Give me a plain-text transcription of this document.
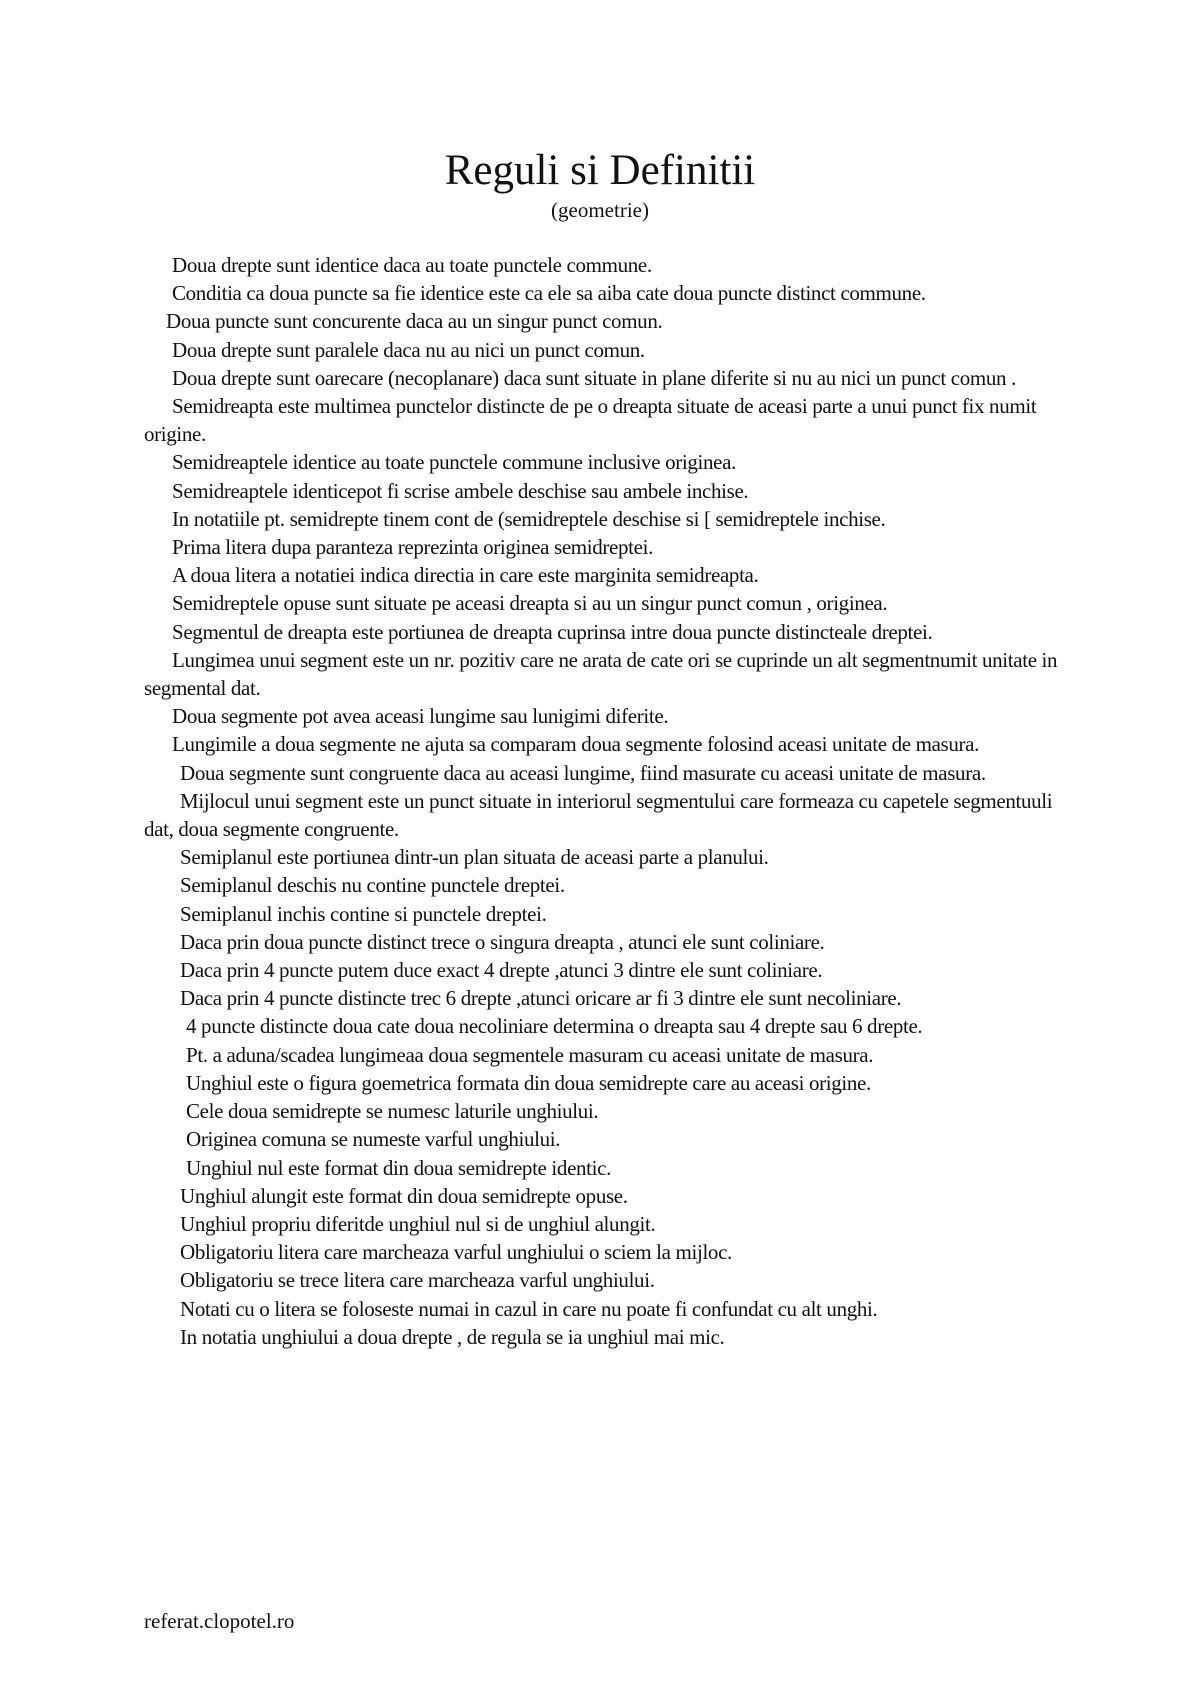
Reguli si Definitii
(geometrie)

Doua drepte sunt identice daca au toate punctele commune.

Conditia ca doua puncte sa fie identice este ca ele sa aiba cate doua puncte distinct commune.

Doua puncte sunt concurente daca au un singur punct comun.

Doua drepte sunt paralele daca nu au nici un punct comun.

Doua drepte sunt oarecare (necoplanare) daca sunt situate in plane diferite si nu au nici un punct comun .

Semidreapta este multimea punctelor distincte de pe o dreapta situate de aceasi parte a unui punct fix numit origine.

Semidreaptele identice au toate punctele commune inclusive originea.

Semidreaptele identicepot fi scrise ambele deschise sau ambele inchise.

In notatiile pt. semidrepte tinem cont de (semidreptele deschise si [ semidreptele inchise.

Prima litera dupa paranteza reprezinta originea semidreptei.

A doua litera a notatiei indica directia in care este marginita semidreapta.

Semidreptele opuse sunt situate pe aceasi dreapta si au un singur punct comun , originea.

Segmentul de dreapta este portiunea de dreapta cuprinsa intre doua puncte distincteale dreptei.

Lungimea unui segment este un nr. pozitiv care ne arata de cate ori se cuprinde un alt segmentnumit unitate in segmental dat.

Doua segmente pot avea aceasi lungime sau lunigimi diferite.

Lungimile a doua segmente ne ajuta sa comparam doua segmente folosind aceasi unitate de masura.

Doua segmente sunt congruente daca au aceasi lungime, fiind masurate cu aceasi unitate de masura.

Mijlocul unui segment este un punct situate in interiorul segmentului care formeaza cu capetele segmentuuli dat, doua segmente congruente.

Semiplanul este portiunea dintr-un plan situata de aceasi parte a planului.

Semiplanul deschis nu contine punctele dreptei.

Semiplanul inchis contine si punctele dreptei.

Daca prin doua puncte distinct trece o singura dreapta , atunci ele sunt coliniare.

Daca prin 4 puncte putem duce exact 4 drepte ,atunci 3 dintre ele sunt coliniare.

Daca prin 4 puncte distincte trec 6 drepte ,atunci oricare ar fi 3 dintre ele sunt necoliniare.

4 puncte distincte doua cate doua necoliniare determina o dreapta sau 4 drepte sau 6 drepte.

Pt. a aduna/scadea lungimeaa doua segmentele masuram cu aceasi unitate de masura.

Unghiul este o figura goemetrica formata din doua semidrepte care au aceasi origine.

Cele doua semidrepte se numesc laturile unghiului.

Originea comuna se numeste varful unghiului.

Unghiul nul este format din doua semidrepte identic.

Unghiul alungit este format din doua semidrepte opuse.

Unghiul propriu diferitde unghiul nul si de unghiul alungit.

Obligatoriu litera care marcheaza varful unghiului o sciem la mijloc.

Obligatoriu se trece litera care marcheaza varful unghiului.

Notati cu o litera se foloseste numai in cazul in care nu poate fi confundat cu alt unghi.

In notatia unghiului a doua drepte , de regula se ia unghiul mai mic.

referat.clopotel.ro
